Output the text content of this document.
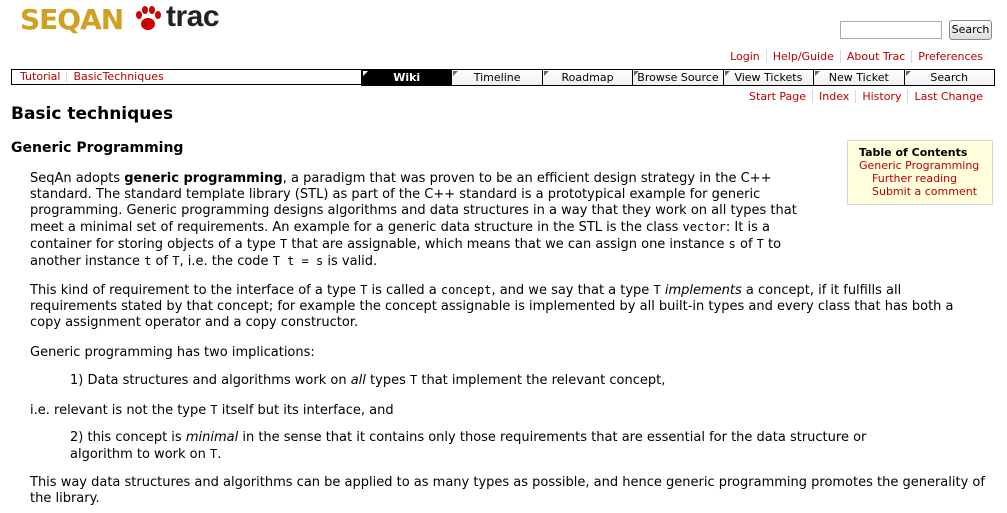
SEQAN trac	Search
Login	Help/Guide	About Trac	Preferences
Tutorial	BasicTechniques	Wiki	Timeline	Roadmap	Browse Source	View Tickets	New Ticket	Search
Start Page	Index	History	Last Change
Basic techniques
Generic Programming	Table of Contents
Generic Programming
Further reading
Submit a comment
SeqAn adopts generic programming, a paradigm that was proven to be an efficient design strategy in the C++ standard. The standard template library (STL) as part of the C++ standard is a prototypical example for generic programming. Generic programming designs algorithms and data structures in a way that they work on all types that meet a minimal set of requirements. An example for a generic data structure in the STL is the class vector: It is a container for storing objects of a type T that are assignable, which means that we can assign one instance s of T to another instance t of T, i.e. the code T t = s is valid.
This kind of requirement to the interface of a type T is called a concept, and we say that a type T implements a concept, if it fulfills all requirements stated by that concept; for example the concept assignable is implemented by all built-in types and every class that has both a copy assignment operator and a copy constructor.
Generic programming has two implications:
1) Data structures and algorithms work on all types T that implement the relevant concept,
i.e. relevant is not the type T itself but its interface, and
2) this concept is minimal in the sense that it contains only those requirements that are essential for the data structure or algorithm to work on T.
This way data structures and algorithms can be applied to as many types as possible, and hence generic programming promotes the generality of the library.
